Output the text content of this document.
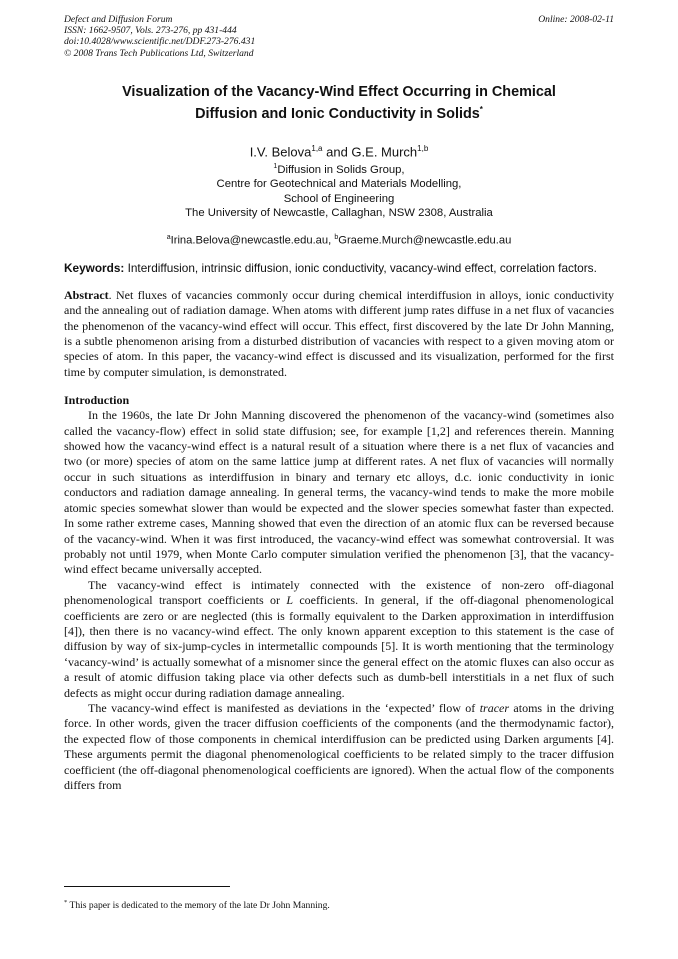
Defect and Diffusion Forum
ISSN: 1662-9507, Vols. 273-276, pp 431-444
doi:10.4028/www.scientific.net/DDF.273-276.431
© 2008 Trans Tech Publications Ltd, Switzerland
Online: 2008-02-11
Visualization of the Vacancy-Wind Effect Occurring in Chemical
Diffusion and Ionic Conductivity in Solids*
I.V. Belova$^{1,a}$ and G.E. Murch$^{1,b}$
$^1$Diffusion in Solids Group,
Centre for Geotechnical and Materials Modelling,
School of Engineering
The University of Newcastle, Callaghan, NSW 2308, Australia
$^a$Irina.Belova@newcastle.edu.au, $^b$Graeme.Murch@newcastle.edu.au
Keywords: Interdiffusion, intrinsic diffusion, ionic conductivity, vacancy-wind effect, correlation factors.
Abstract. Net fluxes of vacancies commonly occur during chemical interdiffusion in alloys, ionic conductivity and the annealing out of radiation damage. When atoms with different jump rates diffuse in a net flux of vacancies the phenomenon of the vacancy-wind effect will occur. This effect, first discovered by the late Dr John Manning, is a subtle phenomenon arising from a disturbed distribution of vacancies with respect to a given moving atom or species of atom. In this paper, the vacancy-wind effect is discussed and its visualization, performed for the first time by computer simulation, is demonstrated.
Introduction

In the 1960s, the late Dr John Manning discovered the phenomenon of the vacancy-wind (sometimes also called the vacancy-flow) effect in solid state diffusion; see, for example [1,2] and references therein. Manning showed how the vacancy-wind effect is a natural result of a situation where there is a net flux of vacancies and two (or more) species of atom on the same lattice jump at different rates. A net flux of vacancies will normally occur in such situations as interdiffusion in binary and ternary etc alloys, d.c. ionic conductivity in ionic conductors and radiation damage annealing. In general terms, the vacancy-wind tends to make the more mobile atomic species somewhat slower than would be expected and the slower species somewhat faster than expected. In some rather extreme cases, Manning showed that even the direction of an atomic flux can be reversed because of the vacancy-wind. When it was first introduced, the vacancy-wind effect was somewhat controversial. It was probably not until 1979, when Monte Carlo computer simulation verified the phenomenon [3], that the vacancy-wind effect became universally accepted.

The vacancy-wind effect is intimately connected with the existence of non-zero off-diagonal phenomenological transport coefficients or L coefficients. In general, if the off-diagonal phenomenological coefficients are zero or are neglected (this is formally equivalent to the Darken approximation in interdiffusion [4]), then there is no vacancy-wind effect. The only known apparent exception to this statement is the case of diffusion by way of six-jump-cycles in intermetallic compounds [5]. It is worth mentioning that the terminology ‘vacancy-wind’ is actually somewhat of a misnomer since the general effect on the atomic fluxes can also occur as a result of atomic diffusion taking place via other defects such as dumb-bell interstitials in a net flux of such defects as might occur during radiation damage annealing.

The vacancy-wind effect is manifested as deviations in the ‘expected’ flow of tracer atoms in the driving force. In other words, given the tracer diffusion coefficients of the components (and the thermodynamic factor), the expected flow of those components in chemical interdiffusion can be predicted using Darken arguments [4]. These arguments permit the diagonal phenomenological coefficients to be related simply to the tracer diffusion coefficient (the off-diagonal phenomenological coefficients are ignored). When the actual flow of the components differs from

* This paper is dedicated to the memory of the late Dr John Manning.
